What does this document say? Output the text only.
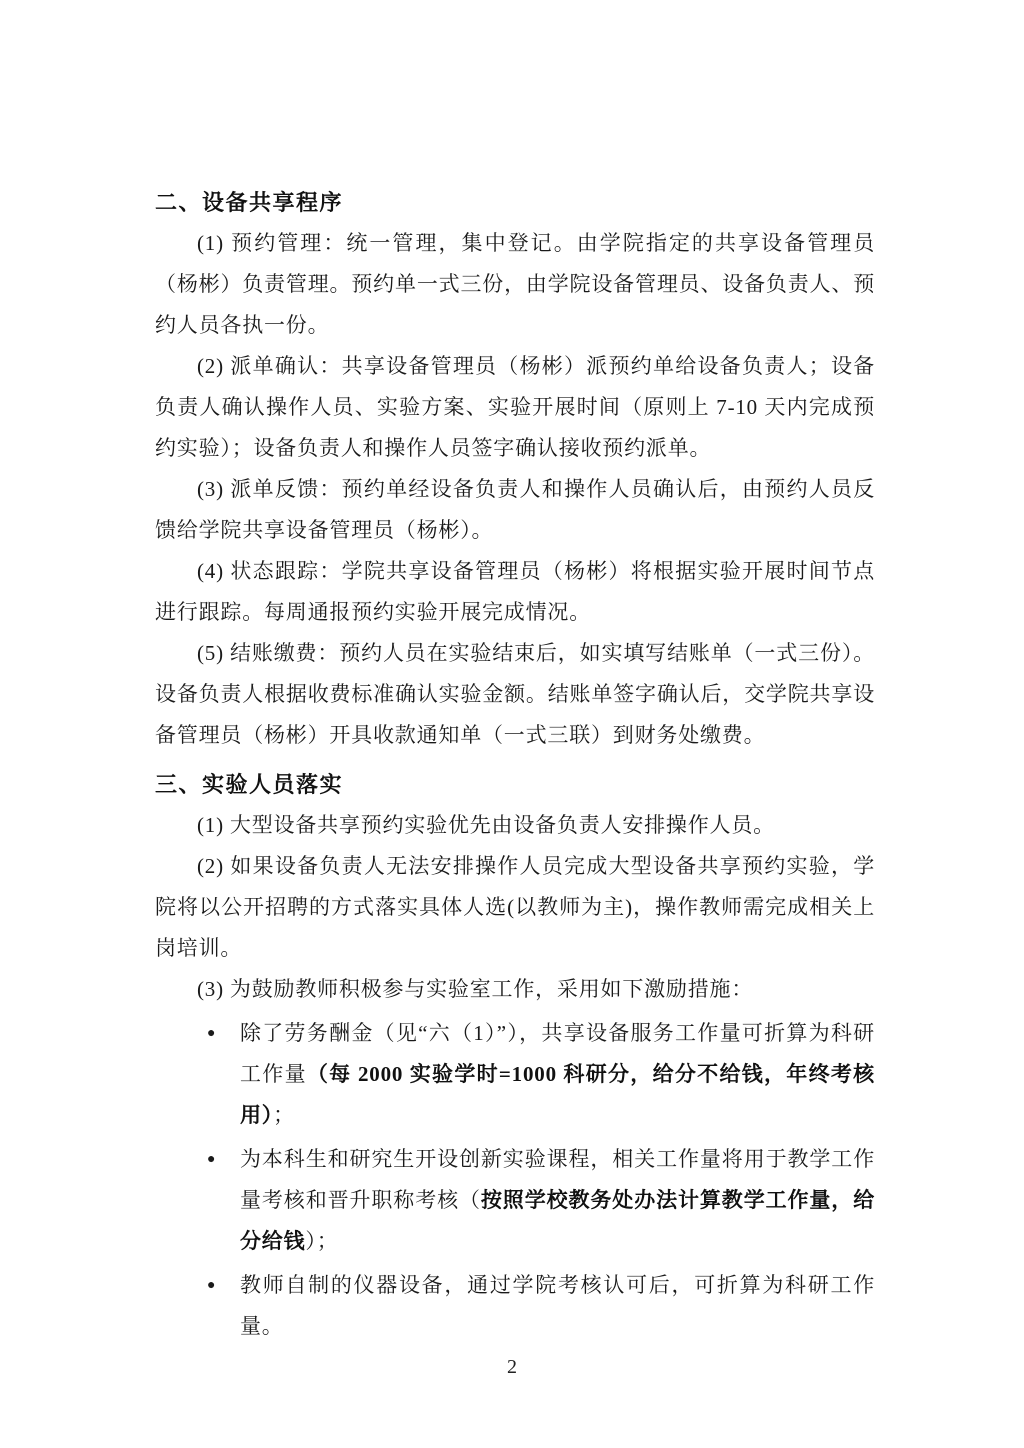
二、设备共享程序

(1) 预约管理：统一管理，集中登记。由学院指定的共享设备管理员（杨彬）负责管理。预约单一式三份，由学院设备管理员、设备负责人、预约人员各执一份。

(2) 派单确认：共享设备管理员（杨彬）派预约单给设备负责人；设备负责人确认操作人员、实验方案、实验开展时间（原则上 7-10 天内完成预约实验）；设备负责人和操作人员签字确认接收预约派单。

(3) 派单反馈：预约单经设备负责人和操作人员确认后，由预约人员反馈给学院共享设备管理员（杨彬）。

(4) 状态跟踪：学院共享设备管理员（杨彬）将根据实验开展时间节点进行跟踪。每周通报预约实验开展完成情况。

(5) 结账缴费：预约人员在实验结束后，如实填写结账单（一式三份）。设备负责人根据收费标准确认实验金额。结账单签字确认后，交学院共享设备管理员（杨彬）开具收款通知单（一式三联）到财务处缴费。

三、实验人员落实

(1) 大型设备共享预约实验优先由设备负责人安排操作人员。

(2) 如果设备负责人无法安排操作人员完成大型设备共享预约实验，学院将以公开招聘的方式落实具体人选(以教师为主)，操作教师需完成相关上岗培训。

(3) 为鼓励教师积极参与实验室工作，采用如下激励措施：

● 除了劳务酬金（见“六（1）”），共享设备服务工作量可折算为科研工作量（每 2000 实验学时=1000 科研分，给分不给钱，年终考核用）；
● 为本科生和研究生开设创新实验课程，相关工作量将用于教学工作量考核和晋升职称考核（按照学校教务处办法计算教学工作量，给分给钱）；
● 教师自制的仪器设备，通过学院考核认可后，可折算为科研工作量。
2
